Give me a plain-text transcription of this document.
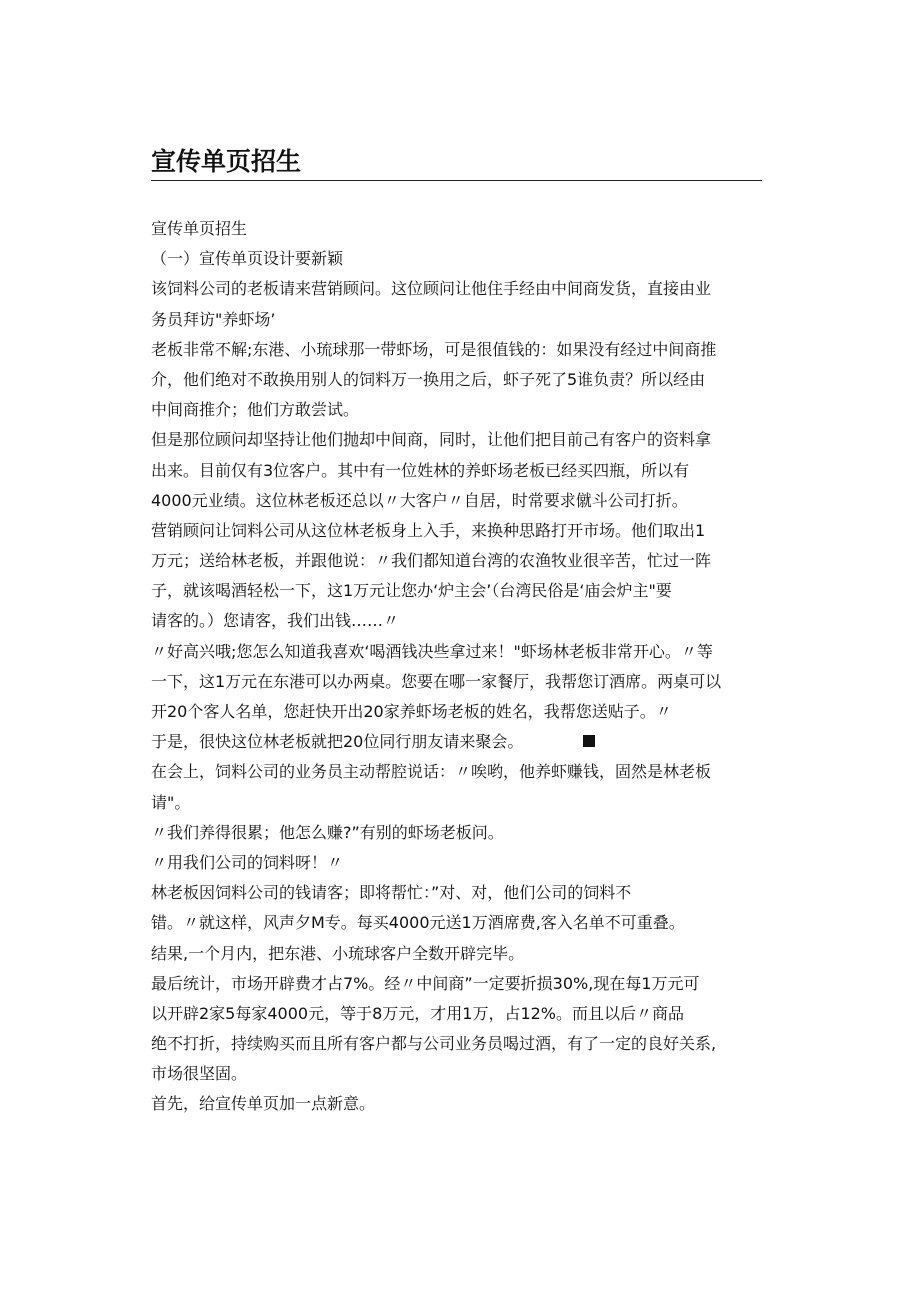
宣传单页招生
宣传单页招生
（一）宣传单页设计要新颖
该饲料公司的老板请来营销顾问。这位顾问让他住手经由中间商发货，直接由业
务员拜访"养虾场’
老板非常不解;东港、小琉球那一带虾场，可是很值钱的：如果没有经过中间商推
介，他们绝对不敢换用别人的饲料万一换用之后，虾子死了5谁负责？所以经由
中间商推介；他们方敢尝试。
但是那位顾问却坚持让他们抛却中间商，同时，让他们把目前己有客户的资料拿
出来。目前仅有3位客户。其中有一位姓林的养虾场老板已经买四瓶，所以有
4000元业绩。这位林老板还总以〃大客户〃自居，时常要求僦斗公司打折。
营销顾问让饲料公司从这位林老板身上入手，来换种思路打开市场。他们取出1
万元；送给林老板，并跟他说：〃我们都知道台湾的农渔牧业很辛苦，忙过一阵
子，就该喝酒轻松一下，这1万元让您办‘炉主会’（台湾民俗是‘庙会炉主"要
请客的。）您请客，我们出钱……〃
〃好高兴哦;您怎么知道我喜欢‘喝酒钱决些拿过来！"虾场林老板非常开心。〃等
一下，这1万元在东港可以办两桌。您要在哪一家餐厅，我帮您订酒席。两桌可以
开20个客人名单，您赶快开出20家养虾场老板的姓名，我帮您送贴子。〃
于是，很快这位林老板就把20位同行朋友请来聚会。
在会上，饲料公司的业务员主动帮腔说话：〃唉哟，他养虾赚钱，固然是林老板
请"。
〃我们养得很累；他怎么赚?”有别的虾场老板问。
〃用我们公司的饲料呀！〃
林老板因饲料公司的钱请客；即将帮忙：”对、对，他们公司的饲料不
错。〃就这样，风声夕M专。每买4000元送1万酒席费,客入名单不可重叠。
结果,一个月内，把东港、小琉球客户全数开辟完毕。
最后统计，市场开辟费才占7%。经〃中间商”一定要折损30%,现在每1万元可
以开辟2家5每家4000元，等于8万元，才用1万，占12%。而且以后〃商品
绝不打折，持续购买而且所有客户都与公司业务员喝过酒，有了一定的良好关系,
市场很坚固。
首先，给宣传单页加一点新意。
